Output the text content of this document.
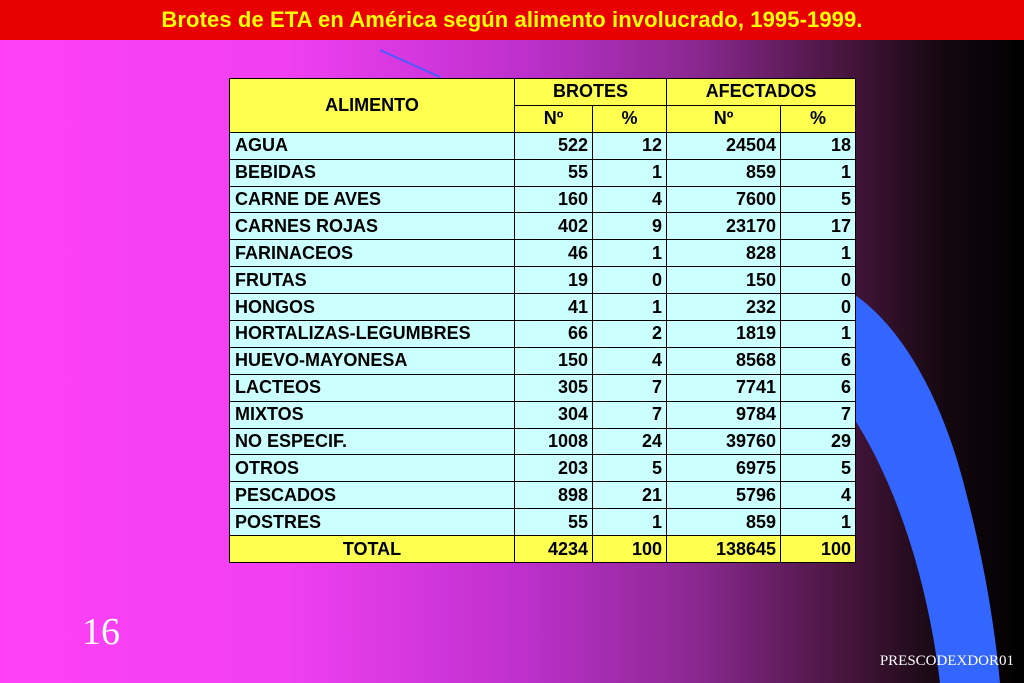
Brotes de ETA en América según alimento involucrado, 1995-1999.
ALIMENTO	BROTES		AFECTADOS	
	Nº	%	Nº	%
AGUA	522	12	24504	18
BEBIDAS	55	1	859	1
CARNE DE AVES	160	4	7600	5
CARNES ROJAS	402	9	23170	17
FARINACEOS	46	1	828	1
FRUTAS	19	0	150	0
HONGOS	41	1	232	0
HORTALIZAS-LEGUMBRES	66	2	1819	1
HUEVO-MAYONESA	150	4	8568	6
LACTEOS	305	7	7741	6
MIXTOS	304	7	9784	7
NO ESPECIF.	1008	24	39760	29
OTROS	203	5	6975	5
PESCADOS	898	21	5796	4
POSTRES	55	1	859	1
TOTAL	4234	100	138645	100
16
PRESCODEXDOR01
